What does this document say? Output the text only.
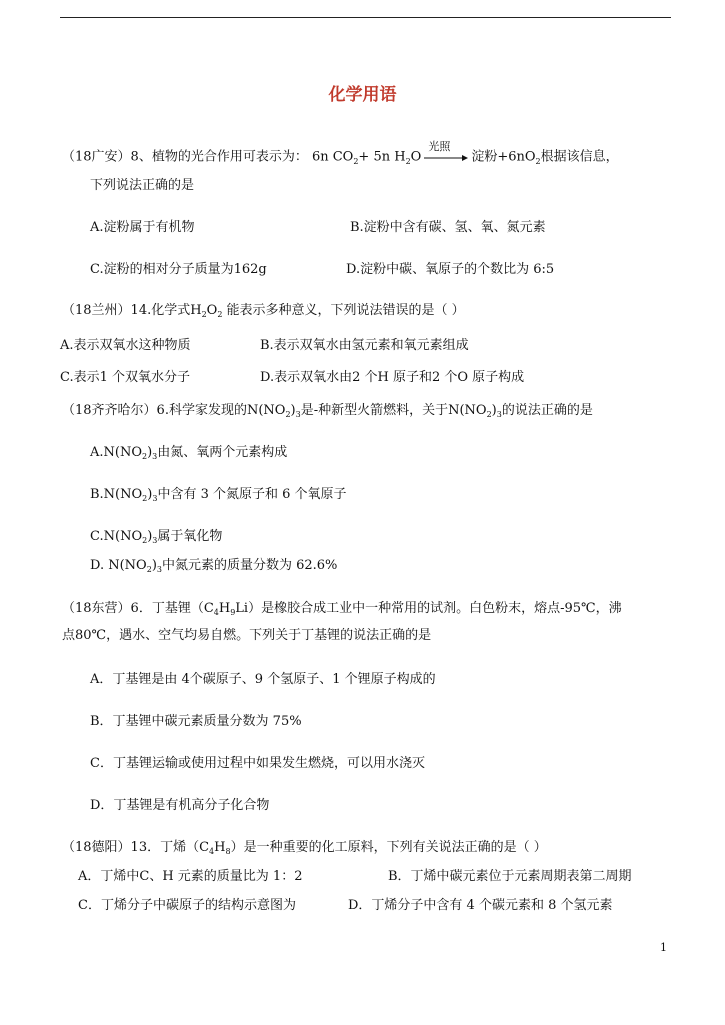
化学用语
（18广安）8、植物的光合作用可表示为： 6n $CO_2+ 5n$ $H_2O$
光照
淀粉$+6nO_2$根据该信息，
下列说法正确的是
A.淀粉属于有机物	B.淀粉中含有碳、氢、氧、氮元素
C.淀粉的相对分子质量为162g	D.淀粉中碳、氧原子的个数比为 6:5
（18兰州）14.化学式$H_2O_2$ 能表示多种意义，下列说法错误的是（ ）
A.表示双氧水这种物质	B.表示双氧水由氢元素和氧元素组成
C.表示1 个双氧水分子	D.表示双氧水由2 个H 原子和2 个O 原子构成
（18齐齐哈尔）6.科学家发现的$N(NO_2)_3$是-种新型火箭燃料，关于$N(NO_2)_3$的说法正确的是
$A.N(NO_2)_3$由氮、氧两个元素构成
$B.N(NO_2)_3$中含有 3 个氮原子和 6 个氧原子
$C.N(NO_2)_3$属于氧化物
D. $N(NO_2)_3$中氮元素的质量分数为 62.6%
（18东营）6．丁基锂$(C_4H_9Li)$是橡胶合成工业中一种常用的试剂。白色粉末，熔点-95℃，沸
点80℃，遇水、空气均易自燃。下列关于丁基锂的说法正确的是
A．丁基锂是由 4个碳原子、9 个氢原子、1 个锂原子构成的
B．丁基锂中碳元素质量分数为 75%
C．丁基锂运输或使用过程中如果发生燃烧，可以用水浇灭
D．丁基锂是有机高分子化合物
（18德阳）13．丁烯$(C_4H_8)$是一种重要的化工原料，下列有关说法正确的是（ ）
A．丁烯中C、H 元素的质量比为 1：2	B．丁烯中碳元素位于元素周期表第二周期
C．丁烯分子中碳原子的结构示意图为	D．丁烯分子中含有 4 个碳元素和 8 个氢元素
1
